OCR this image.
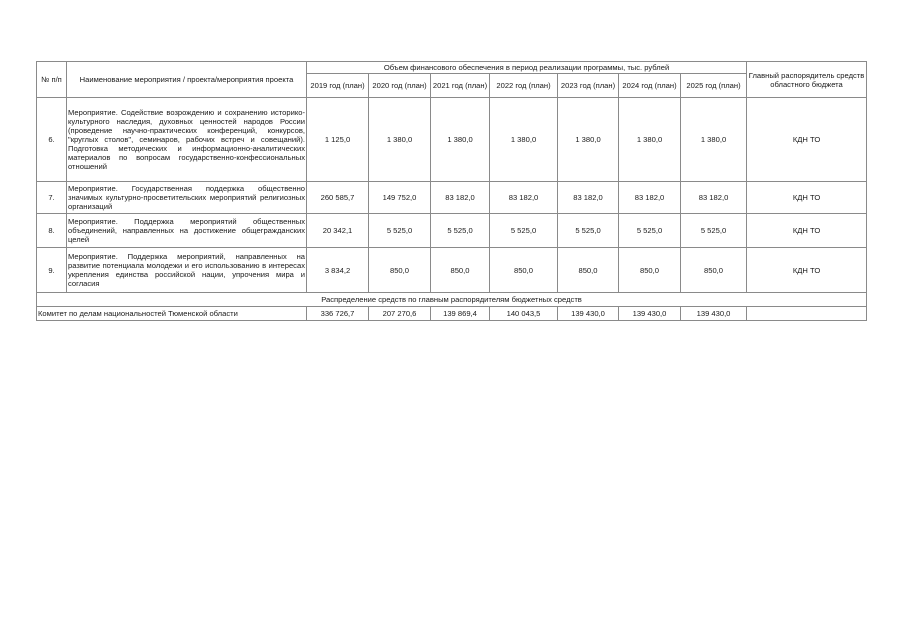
№ п/п	Наименование мероприятия / проекта/мероприятия проекта	Объем финансового обеспечения в период реализации программы, тыс. рублей							Главный распорядитель средств областного бюджета
		2019 год (план)	2020 год (план)	2021 год (план)	2022 год (план)	2023 год (план)	2024 год (план)	2025 год (план)	
6.	Мероприятие. Содействие возрождению и сохранению историко-культурного наследия, духовных ценностей народов России (проведение научно-практических конференций, конкурсов, "круглых столов", семинаров, рабочих встреч и совещаний). Подготовка методических и информационно-аналитических материалов по вопросам государственно-конфессиональных отношений	1 125,0	1 380,0	1 380,0	1 380,0	1 380,0	1 380,0	1 380,0	КДН ТО
7.	Мероприятие. Государственная поддержка общественно значимых культурно-просветительских мероприятий религиозных организаций	260 585,7	149 752,0	83 182,0	83 182,0	83 182,0	83 182,0	83 182,0	КДН ТО
8.	Мероприятие. Поддержка мероприятий общественных объединений, направленных на достижение общегражданских целей	20 342,1	5 525,0	5 525,0	5 525,0	5 525,0	5 525,0	5 525,0	КДН ТО
9.	Мероприятие. Поддержка мероприятий, направленных на развитие потенциала молодежи и его использованию в интересах укрепления единства российской нации, упрочения мира и согласия	3 834,2	850,0	850,0	850,0	850,0	850,0	850,0	КДН ТО
Распределение средств по главным распорядителям бюджетных средств									
Комитет по делам национальностей Тюменской области		336 726,7	207 270,6	139 869,4	140 043,5	139 430,0	139 430,0	139 430,0	
